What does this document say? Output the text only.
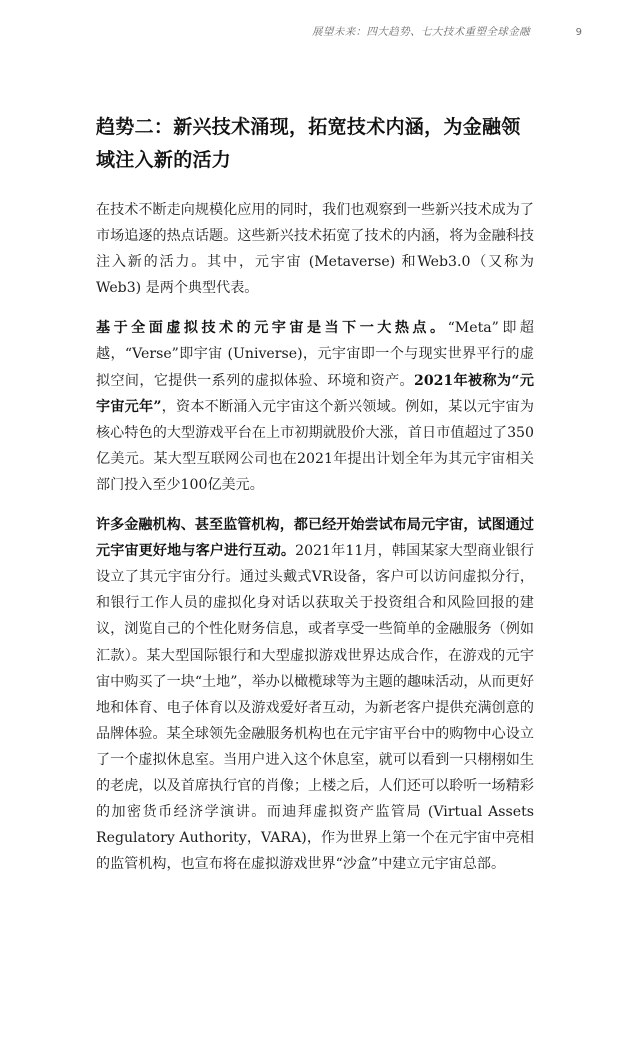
展望未来：四大趋势、七大技术重塑全球金融	9
趋势二：新兴技术涌现，拓宽技术内涵，为金融领域注入新的活力

在技术不断走向规模化应用的同时，我们也观察到一些新兴技术成为了市场追逐的热点话题。这些新兴技术拓宽了技术的内涵，将为金融科技注入新的活力。其中，元宇宙 (Metaverse) 和Web3.0（又称为Web3) 是两个典型代表。

基于全面虚拟技术的元宇宙是当下一大热点。“Meta”即超越，“Verse”即宇宙 (Universe)，元宇宙即一个与现实世界平行的虚拟空间，它提供一系列的虚拟体验、环境和资产。2021年被称为“元宇宙元年”，资本不断涌入元宇宙这个新兴领域。例如，某以元宇宙为核心特色的大型游戏平台在上市初期就股价大涨，首日市值超过了350亿美元。某大型互联网公司也在2021年提出计划全年为其元宇宙相关部门投入至少100亿美元。

许多金融机构、甚至监管机构，都已经开始尝试布局元宇宙，试图通过元宇宙更好地与客户进行互动。2021年11月，韩国某家大型商业银行设立了其元宇宙分行。通过头戴式VR设备，客户可以访问虚拟分行，和银行工作人员的虚拟化身对话以获取关于投资组合和风险回报的建议，浏览自己的个性化财务信息，或者享受一些简单的金融服务（例如汇款）。某大型国际银行和大型虚拟游戏世界达成合作，在游戏的元宇宙中购买了一块“土地”，举办以橄榄球等为主题的趣味活动，从而更好地和体育、电子体育以及游戏爱好者互动，为新老客户提供充满创意的品牌体验。某全球领先金融服务机构也在元宇宙平台中的购物中心设立了一个虚拟休息室。当用户进入这个休息室，就可以看到一只栩栩如生的老虎，以及首席执行官的肖像；上楼之后，人们还可以聆听一场精彩的加密货币经济学演讲。而迪拜虚拟资产监管局 (Virtual Assets Regulatory Authority，VARA)，作为世界上第一个在元宇宙中亮相的监管机构，也宣布将在虚拟游戏世界“沙盒”中建立元宇宙总部。
